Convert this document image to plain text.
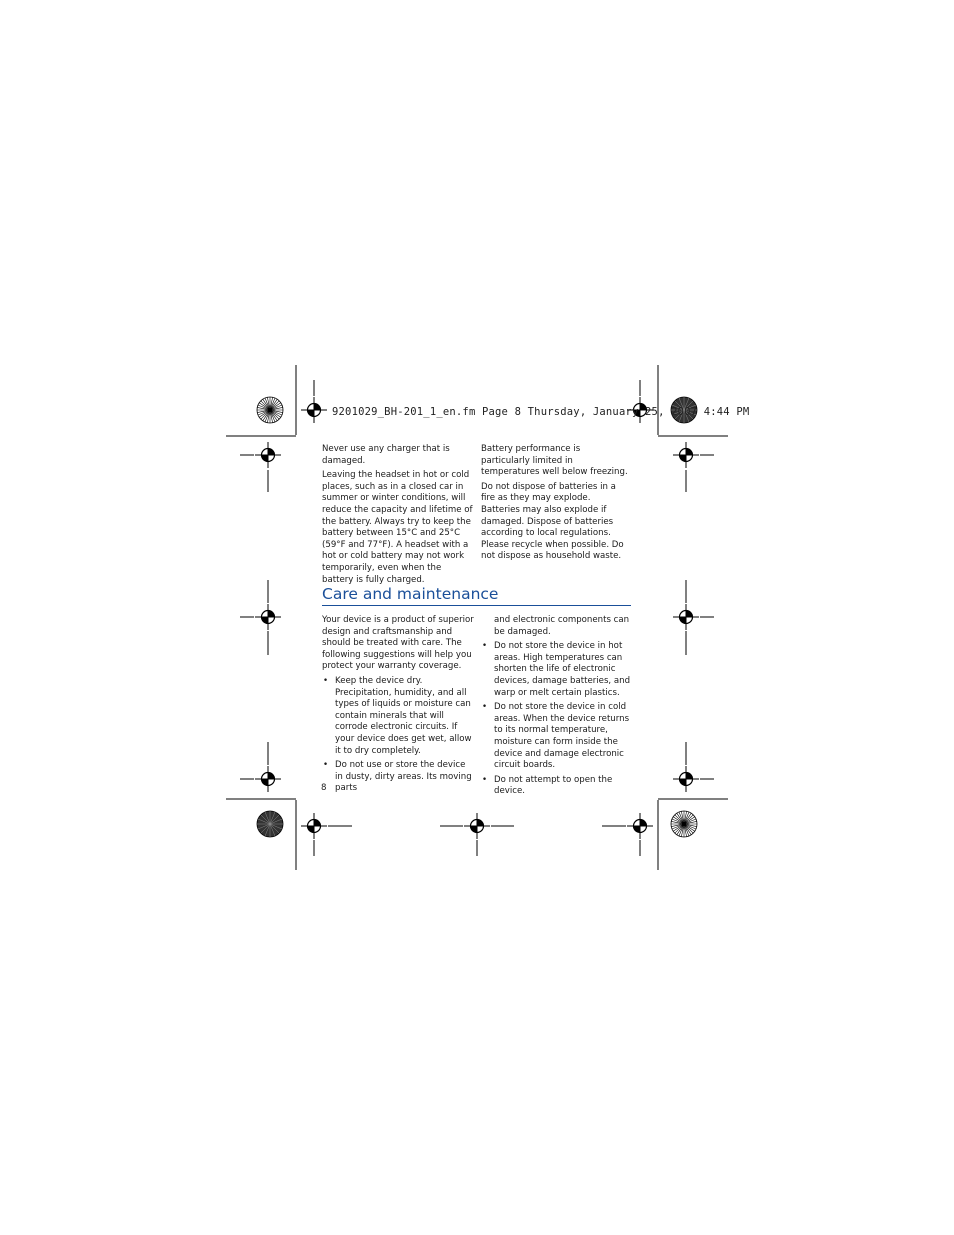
9201029_BH-201_1_en.fm Page 8 Thursday, January 25, 2007 4:44 PM

Never use any charger that is damaged.

Leaving the headset in hot or cold places, such as in a closed car in summer or winter conditions, will reduce the capacity and lifetime of the battery. Always try to keep the battery between 15°C and 25°C (59°F and 77°F). A headset with a hot or cold battery may not work temporarily, even when the battery is fully charged.

Battery performance is particularly limited in temperatures well below freezing.

Do not dispose of batteries in a fire as they may explode. Batteries may also explode if damaged. Dispose of batteries according to local regulations. Please recycle when possible. Do not dispose as household waste.

Care and maintenance

Your device is a product of superior design and craftsmanship and should be treated with care. The following suggestions will help you protect your warranty coverage.

• Keep the device dry. Precipitation, humidity, and all types of liquids or moisture can contain minerals that will corrode electronic circuits. If your device does get wet, allow it to dry completely.
• Do not use or store the device in dusty, dirty areas. Its moving parts

and electronic components can be damaged.

• Do not store the device in hot areas. High temperatures can shorten the life of electronic devices, damage batteries, and warp or melt certain plastics.
• Do not store the device in cold areas. When the device returns to its normal temperature, moisture can form inside the device and damage electronic circuit boards.
• Do not attempt to open the device.
8
